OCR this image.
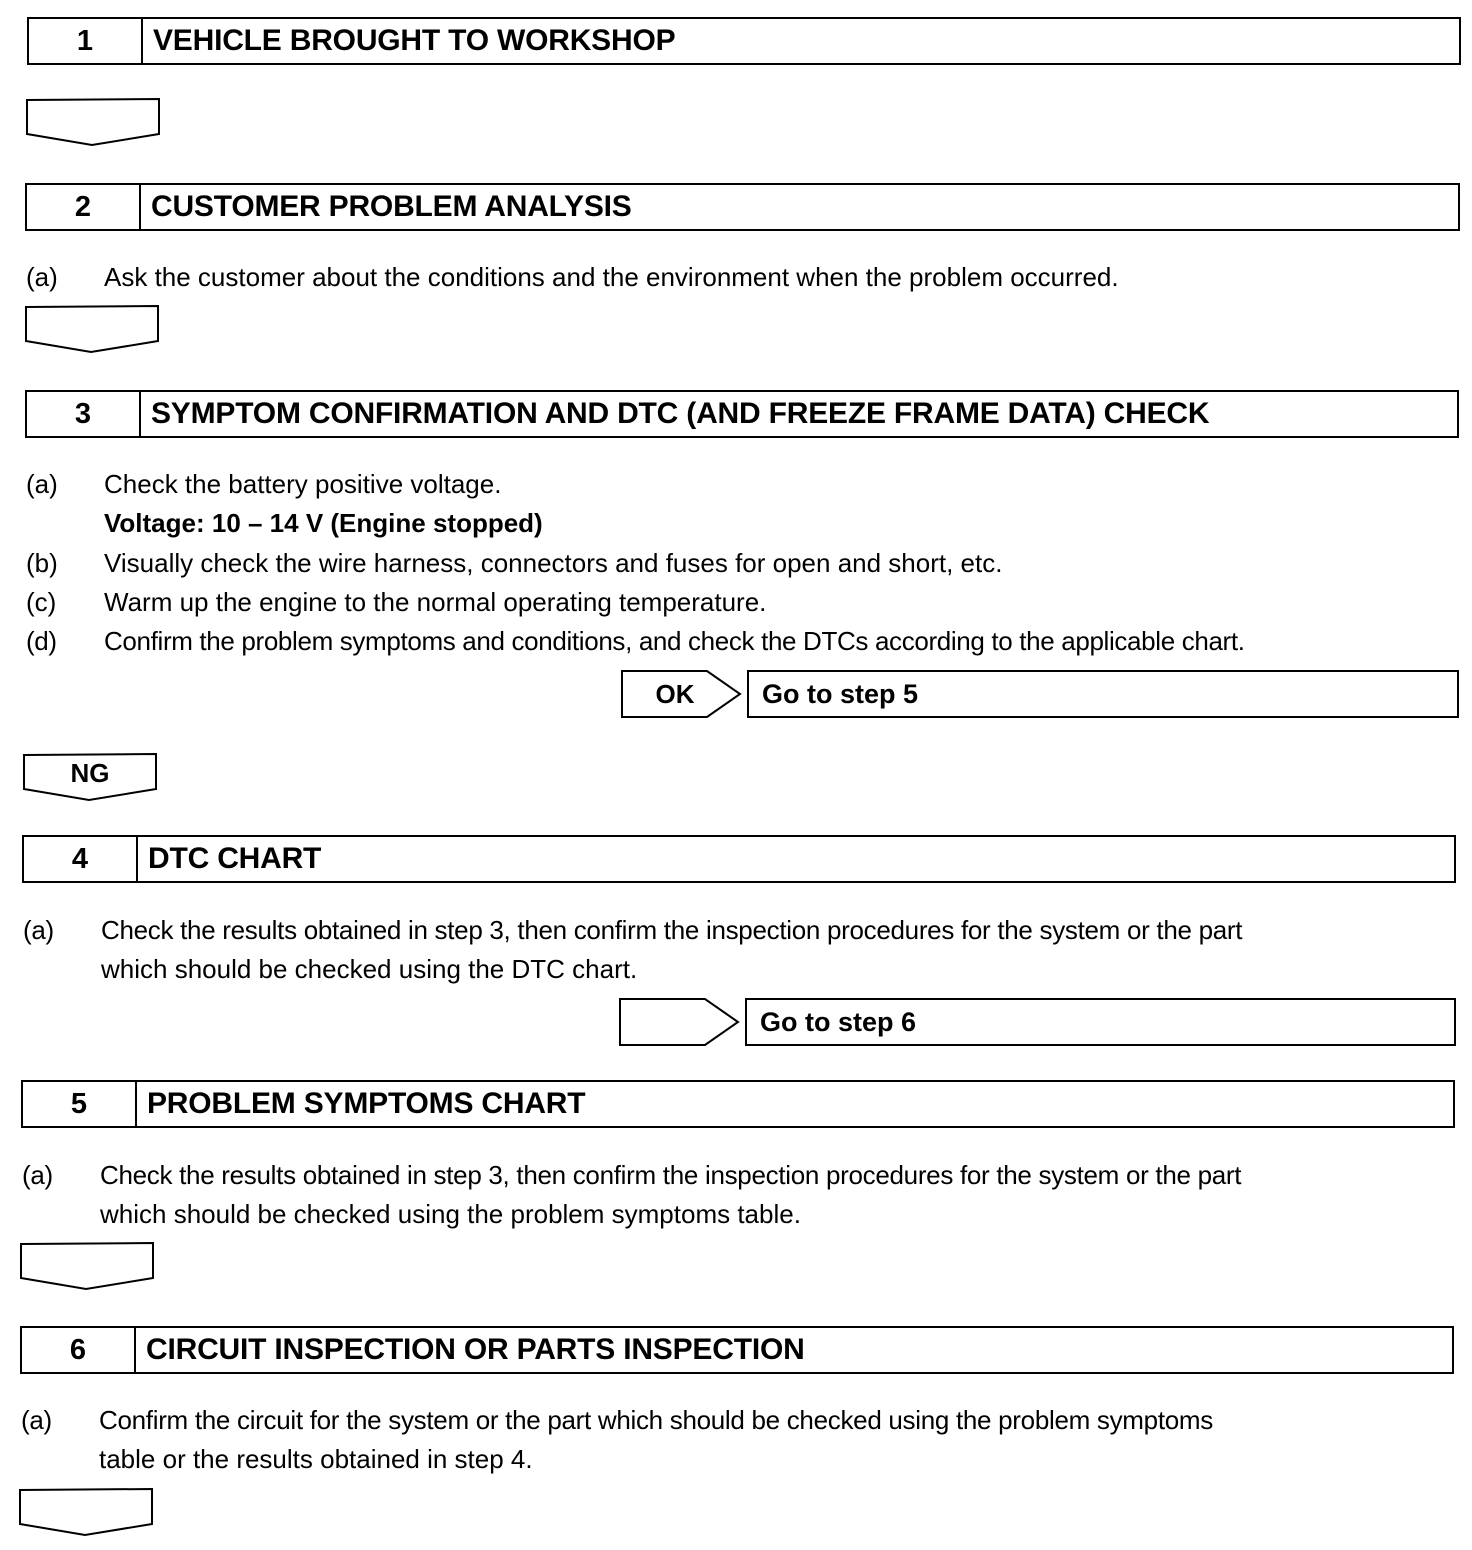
1	VEHICLE BROUGHT TO WORKSHOP
2	CUSTOMER PROBLEM ANALYSIS
(a) Ask the customer about the conditions and the environment when the problem occurred.
3	SYMPTOM CONFIRMATION AND DTC (AND FREEZE FRAME DATA) CHECK
(a) Check the battery positive voltage.
Voltage: 10 – 14 V (Engine stopped)
(b) Visually check the wire harness, connectors and fuses for open and short, etc.
(c) Warm up the engine to the normal operating temperature.
(d) Confirm the problem symptoms and conditions, and check the DTCs according to the applicable chart.
OK	Go to step 5
NG
4	DTC CHART
(a) Check the results obtained in step 3, then confirm the inspection procedures for the system or the part
which should be checked using the DTC chart.
Go to step 6
5	PROBLEM SYMPTOMS CHART
(a) Check the results obtained in step 3, then confirm the inspection procedures for the system or the part
which should be checked using the problem symptoms table.
6	CIRCUIT INSPECTION OR PARTS INSPECTION
(a) Confirm the circuit for the system or the part which should be checked using the problem symptoms
table or the results obtained in step 4.
